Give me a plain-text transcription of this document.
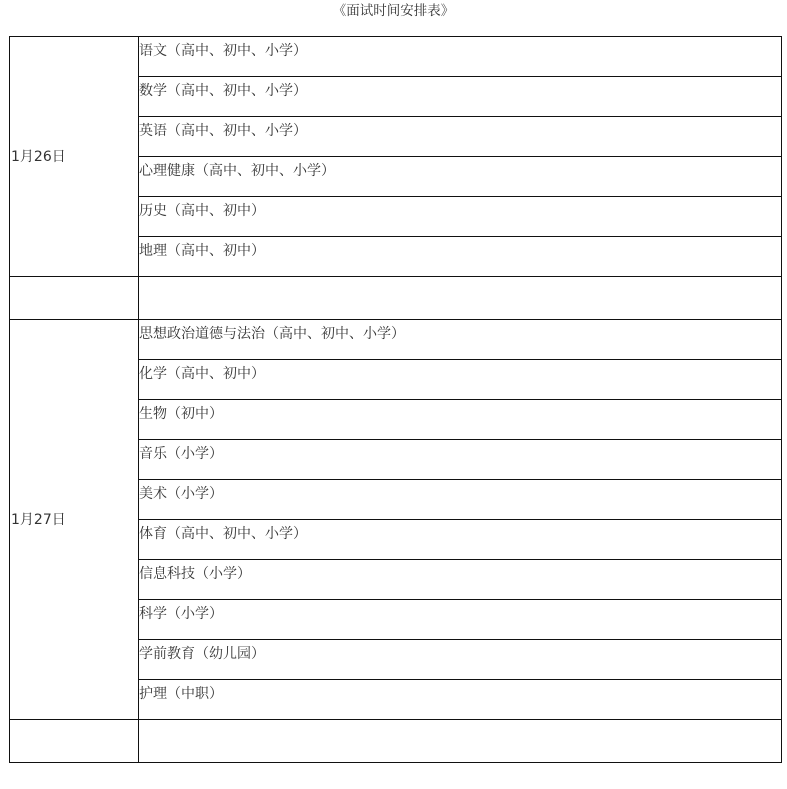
《面试时间安排表》
1月26日	语文（高中、初中、小学）
	数学（高中、初中、小学）
	英语（高中、初中、小学）
	心理健康（高中、初中、小学）
	历史（高中、初中）
	地理（高中、初中）

1月27日	思想政治道德与法治（高中、初中、小学）
	化学（高中、初中）
	生物（初中）
	音乐（小学）
	美术（小学）
	体育（高中、初中、小学）
	信息科技（小学）
	科学（小学）
	学前教育（幼儿园）
	护理（中职）
